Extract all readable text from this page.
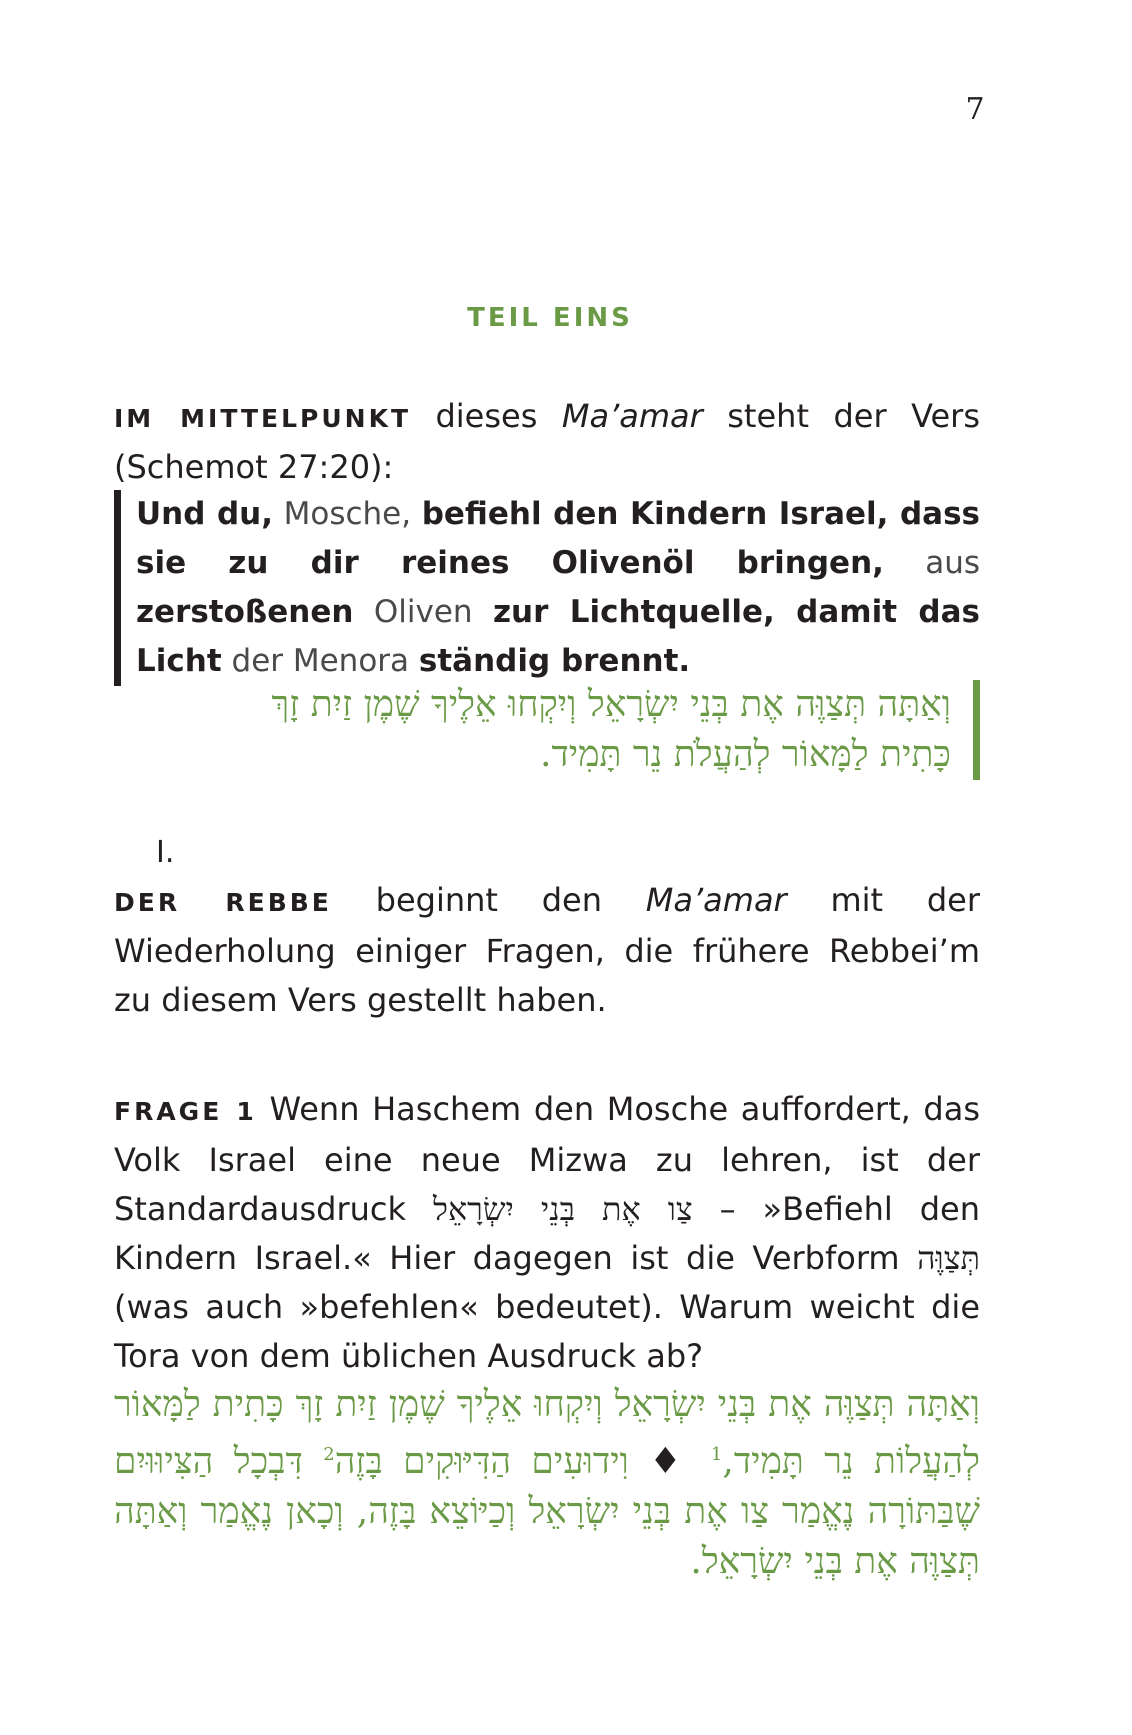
7
TEIL EINS

IM MITTELPUNKT dieses Ma’amar steht der Vers (Schemot 27:20):

Und du, Mosche, befiehl den Kindern Israel, dass sie zu dir reines Olivenöl bringen, aus zerstoßenen Oliven zur Lichtquelle, damit das Licht der Menora ständig brennt.
וְאַתָּה תְּצַוֶּה אֶת בְּנֵי יִשְׂרָאֵל וְיִקְחוּ אֵלֶיךָ שֶׁמֶן זַיִת זָךְ
כָּתִית לַמָּאוֹר לְהַעֲלֹת נֵר תָּמִיד.
I.

DER REBBE beginnt den Ma’amar mit der Wiederholung einiger Fragen, die frühere Rebbei’m zu diesem Vers gestellt haben.

FRAGE 1 Wenn Haschem den Mosche auffordert, das Volk Israel eine neue Mizwa zu lehren, ist der Standardausdruck צַו אֶת בְּנֵי יִשְׂרָאֵל – »Befiehl den Kindern Israel.« Hier dagegen ist die Verbform תְּצַוֶּה (was auch »befehlen« bedeutet). Warum weicht die Tora von dem üblichen Ausdruck ab?

וְאַתָּה תְּצַוֶּה אֶת בְּנֵי יִשְׂרָאֵל וְיִקְחוּ אֵלֶיךָ שֶׁמֶן זַיִת זָךְ כָּתִית לַמָּאוֹר לְהַעֲלוֹת נֵר תָּמִיד,$^1$ ♦ וִידוּעִים הַדִּיּוּקִים בָּזֶה$^2$ דִּבְכָל הַצִּיוּוּיִם שֶׁבַּתּוֹרָה נֶאֱמַר צַו אֶת בְּנֵי יִשְׂרָאֵל וְכַיּוֹצֵא בָּזֶה, וְכָאן נֶאֱמַר וְאַתָּה תְּצַוֶּה אֶת בְּנֵי יִשְׂרָאֵל.
